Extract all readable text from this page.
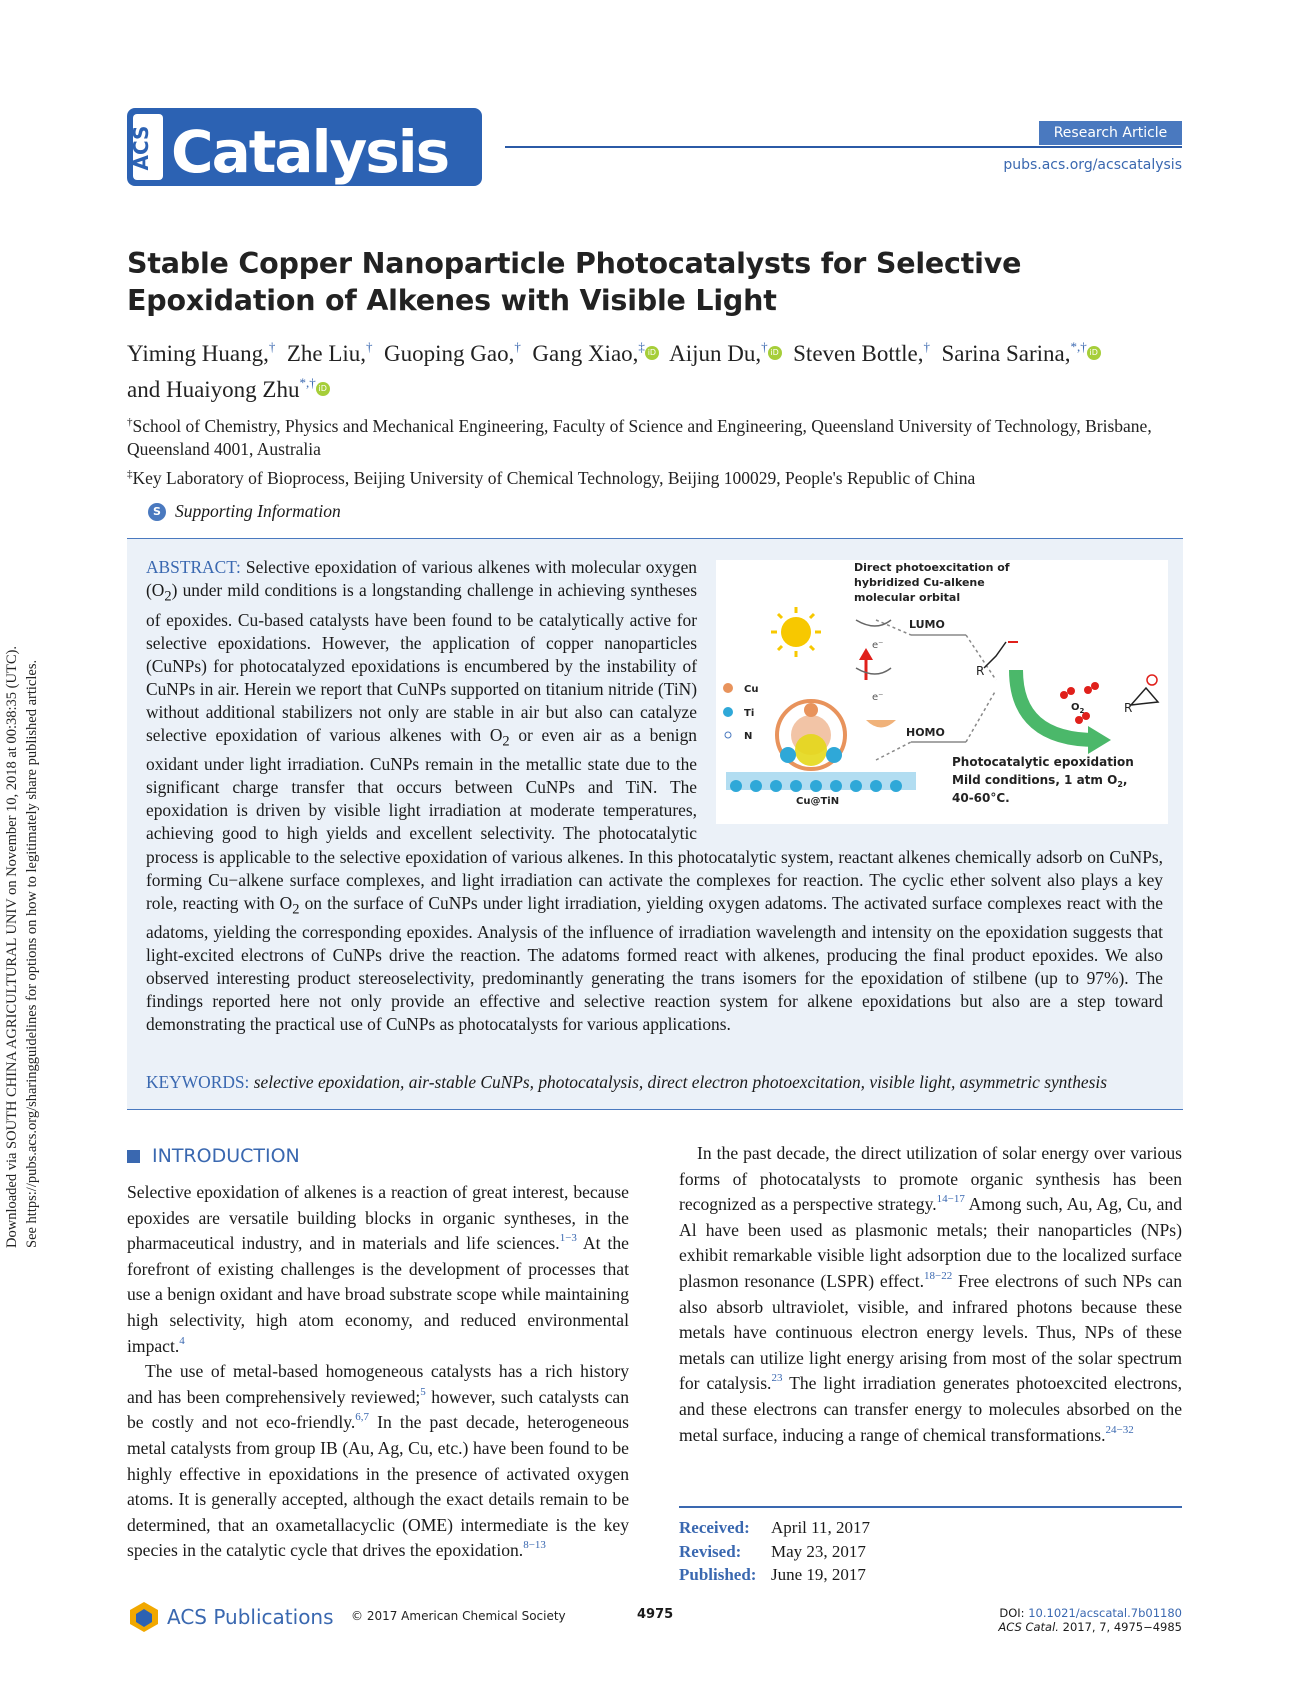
Downloaded via SOUTH CHINA AGRICULTURAL UNIV on November 10, 2018 at 00:38:35 (UTC). See https://pubs.acs.org/sharingguidelines for options on how to legitimately share published articles.
ACS Catalysis	Research Article
pubs.acs.org/acscatalysis
Stable Copper Nanoparticle Photocatalysts for Selective Epoxidation of Alkenes with Visible Light
Yiming Huang,† Zhe Liu,† Guoping Gao,† Gang Xiao,‡ iD Aijun Du,† iD Steven Bottle,† Sarina Sarina,*,† iD
and Huaiyong Zhu*,† iD
†School of Chemistry, Physics and Mechanical Engineering, Faculty of Science and Engineering, Queensland University of Technology, Brisbane, Queensland 4001, Australia
‡Key Laboratory of Bioprocess, Beijing University of Chemical Technology, Beijing 100029, People's Republic of China
S Supporting Information
ABSTRACT: Selective epoxidation of various alkenes with molecular oxygen $(O_2)$ under mild conditions is a longstanding challenge in achieving syntheses of epoxides. Cu-based catalysts have been found to be catalytically active for selective epoxidations. However, the application of copper nanoparticles (CuNPs) for photocatalyzed epoxidations is encumbered by the instability of CuNPs in air. Herein we report that CuNPs supported on titanium nitride (TiN) without additional stabilizers not only are stable in air but also can catalyze selective epoxidation of various alkenes with $O_2$ or even air as a benign oxidant under light irradiation. CuNPs remain in the metallic state due to the significant charge transfer that occurs between CuNPs and TiN. The epoxidation is driven by visible light irradiation at moderate temperatures, achieving good to high yields and excellent selectivity. The photocatalytic process is applicable to the selective epoxidation of various alkenes. In this photocatalytic system, reactant alkenes chemically adsorb on CuNPs, forming Cu−alkene surface complexes, and light irradiation can activate the complexes for reaction. The cyclic ether solvent also plays a key role, reacting with $O_2$ on the surface of CuNPs under light irradiation, yielding oxygen adatoms. The activated surface complexes react with the adatoms, yielding the corresponding epoxides. Analysis of the influence of irradiation wavelength and intensity on the epoxidation suggests that light-excited electrons of CuNPs drive the reaction. The adatoms formed react with alkenes, producing the final product epoxides. We also observed interesting product stereoselectivity, predominantly generating the trans isomers for the epoxidation of stilbene (up to 97%). The findings reported here not only provide an effective and selective reaction system for alkene epoxidations but also are a step toward demonstrating the practical use of CuNPs as photocatalysts for various applications.
Direct photoexcitation of
hybridized Cu-alkene
molecular orbital
LUMO
HOMO
e⁻
e⁻
Cu
Ti
N
Cu@TiN
R
$O_2$	R
Photocatalytic epoxidation
Mild conditions, 1 atm $O_2$,
40-60°C.
KEYWORDS: selective epoxidation, air-stable CuNPs, photocatalysis, direct electron photoexcitation, visible light, asymmetric synthesis
INTRODUCTION

Selective epoxidation of alkenes is a reaction of great interest, because epoxides are versatile building blocks in organic syntheses, in the pharmaceutical industry, and in materials and life sciences.$^{1-3}$ At the forefront of existing challenges is the development of processes that use a benign oxidant and have broad substrate scope while maintaining high selectivity, high atom economy, and reduced environmental impact.$^4$

The use of metal-based homogeneous catalysts has a rich history and has been comprehensively reviewed;$^5$ however, such catalysts can be costly and not eco-friendly.$^{6,7}$ In the past decade, heterogeneous metal catalysts from group IB (Au, Ag, Cu, etc.) have been found to be highly effective in epoxidations in the presence of activated oxygen atoms. It is generally accepted, although the exact details remain to be determined, that an oxametallacyclic (OME) intermediate is the key species in the catalytic cycle that drives the epoxidation.$^{8-13}$

In the past decade, the direct utilization of solar energy over various forms of photocatalysts to promote organic synthesis has been recognized as a perspective strategy.$^{14-17}$ Among such, Au, Ag, Cu, and Al have been used as plasmonic metals; their nanoparticles (NPs) exhibit remarkable visible light adsorption due to the localized surface plasmon resonance (LSPR) effect.$^{18-22}$ Free electrons of such NPs can also absorb ultraviolet, visible, and infrared photons because these metals have continuous electron energy levels. Thus, NPs of these metals can utilize light energy arising from most of the solar spectrum for catalysis.$^{23}$ The light irradiation generates photoexcited electrons, and these electrons can transfer energy to molecules absorbed on the metal surface, inducing a range of chemical transformations.$^{24-32}$

Received:	April 11, 2017
Revised:	May 23, 2017
Published: June 19, 2017
ACS Publications © 2017 American Chemical Society	4975	DOI: 10.1021/acscatal.7b01180
ACS Catal. 2017, 7, 4975−4985
